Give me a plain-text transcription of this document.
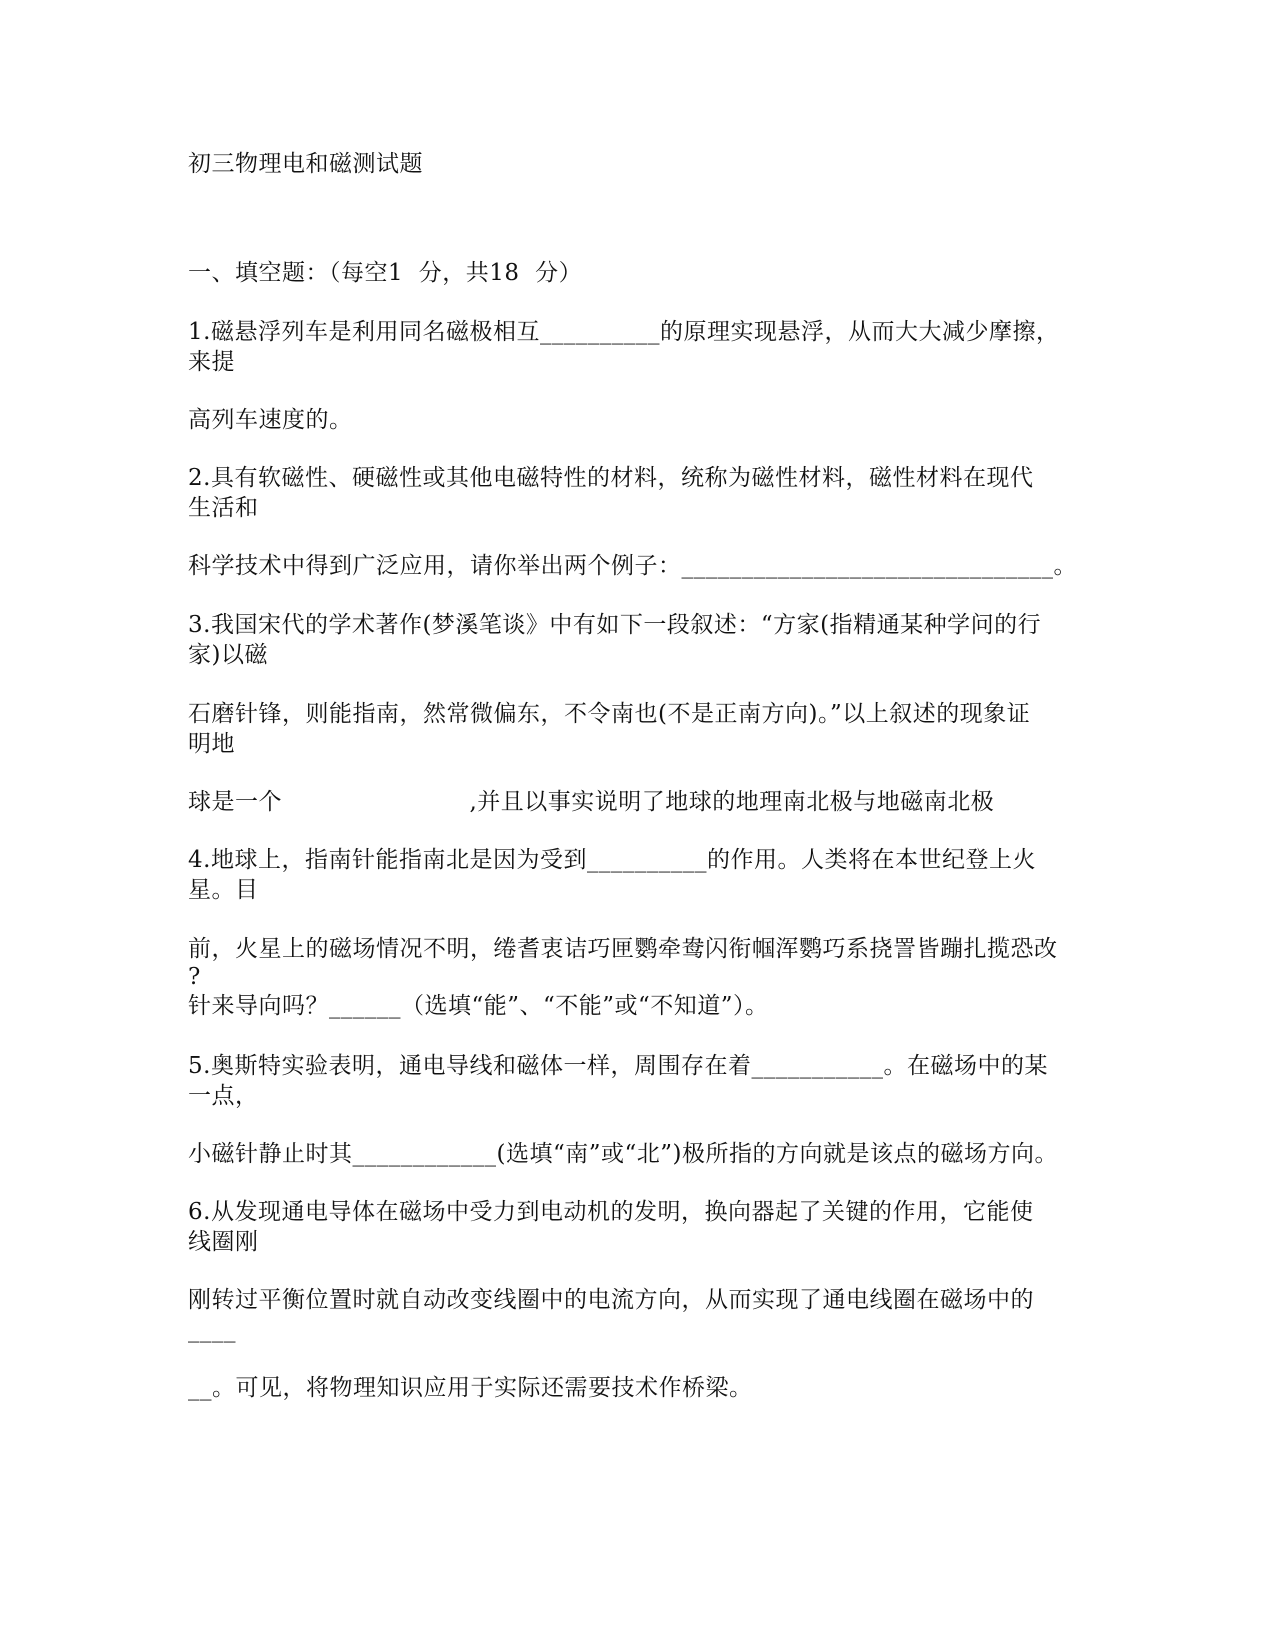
初三物理电和磁测试题
一、填空题：（每空1  分，共18  分）
1.磁悬浮列车是利用同名磁极相互__________的原理实现悬浮，从而大大减少摩擦，
来提
高列车速度的。
2.具有软磁性、硬磁性或其他电磁特性的材料，统称为磁性材料，磁性材料在现代
生活和
科学技术中得到广泛应用，请你举出两个例子：_______________________________。
3.我国宋代的学术著作(梦溪笔谈》中有如下一段叙述：“方家(指精通某种学问的行
家)以磁
石磨针锋，则能指南，然常微偏东，不令南也(不是正南方向)。”以上叙述的现象证
明地
球是一个                        ,并且以事实说明了地球的地理南北极与地磁南北极
4.地球上，指南针能指南北是因为受到__________的作用。人类将在本世纪登上火
星。目
前，火星上的磁场情况不明，绻耆衷诘巧匣鹦牵鸯闪衔帼浑鹦巧系挠詈皆蹦扎揽恐改
?
针来导向吗？______（选填“能”、“不能”或“不知道”）。
5.奥斯特实验表明，通电导线和磁体一样，周围存在着___________。在磁场中的某
一点，
小磁针静止时其____________(选填“南”或“北”)极所指的方向就是该点的磁场方向。
6.从发现通电导体在磁场中受力到电动机的发明，换向器起了关键的作用，它能使
线圈刚
刚转过平衡位置时就自动改变线圈中的电流方向，从而实现了通电线圈在磁场中的
____
__。可见，将物理知识应用于实际还需要技术作桥梁。
